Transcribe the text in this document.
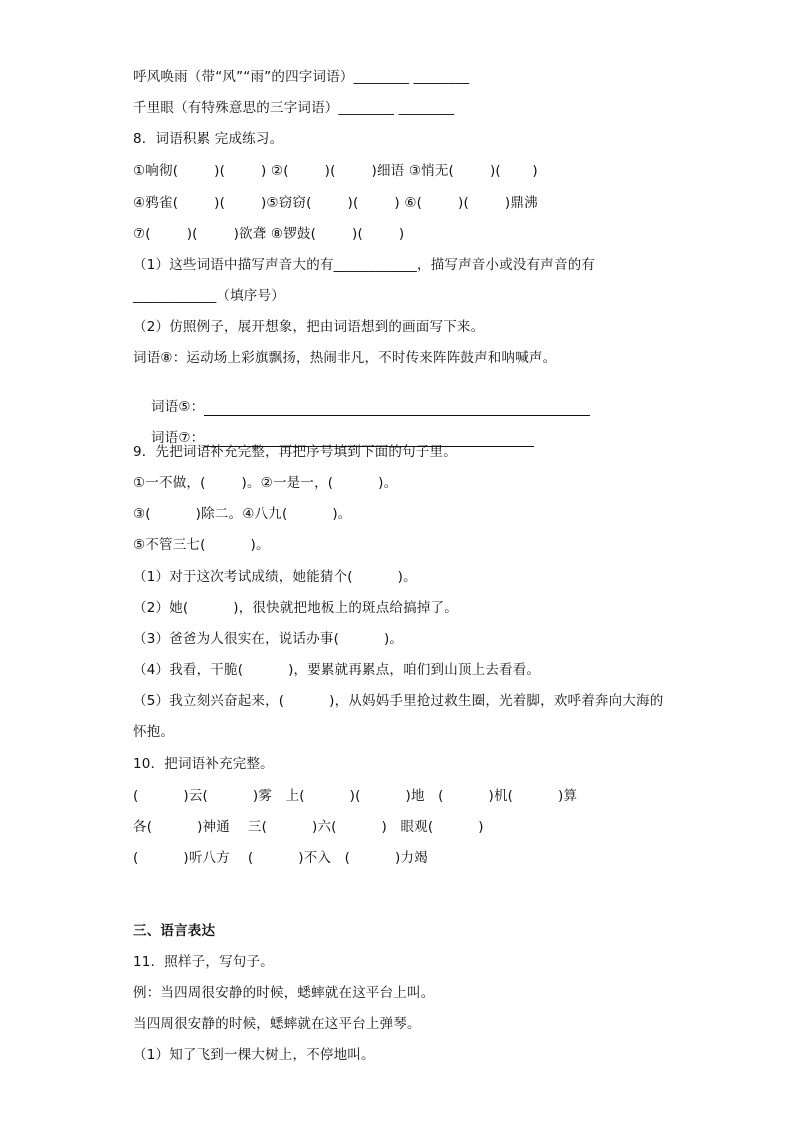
呼风唤雨（带“风”“雨”的四字词语）________ ________
千里眼（有特殊意思的三字词语）________ ________
8．词语积累 完成练习。
①响彻(        )(        ) ②(        )(        )细语 ③悄无(        )(       )
④鸦雀(        )(        )⑤窃窃(        )(        ) ⑥(        )(        )鼎沸
⑦(        )(        )欲聋 ⑧锣鼓(        )(        )
（1）这些词语中描写声音大的有____________，描写声音小或没有声音的有
____________（填序号）
（2）仿照例子，展开想象，把由词语想到的画面写下来。
词语⑧：运动场上彩旗飘扬，热闹非凡，不时传来阵阵鼓声和呐喊声。

词语⑤：

词语⑦：

9．先把词语补充完整，再把序号填到下面的句子里。
①一不做，(        )。②一是一，(          )。
③(          )除二。④八九(          )。
⑤不管三七(          )。
（1）对于这次考试成绩，她能猜个(          )。
（2）她(          )，很快就把地板上的斑点给搞掉了。
（3）爸爸为人很实在，说话办事(          )。
（4）我看，干脆(          )，要累就再累点，咱们到山顶上去看看。
（5）我立刻兴奋起来，(          )，从妈妈手里抢过救生圈，光着脚，欢呼着奔向大海的
怀抱。
10．把词语补充完整。
(          )云(          )雾   上(          )(          )地   (          )机(          )算
各(          )神通    三(          )六(          )   眼观(          )
(          )听八方    (          )不入   (          )力竭
三、语言表达
11．照样子，写句子。
例：当四周很安静的时候，蟋蟀就在这平台上叫。
当四周很安静的时候，蟋蟀就在这平台上弹琴。
（1）知了飞到一棵大树上，不停地叫。
